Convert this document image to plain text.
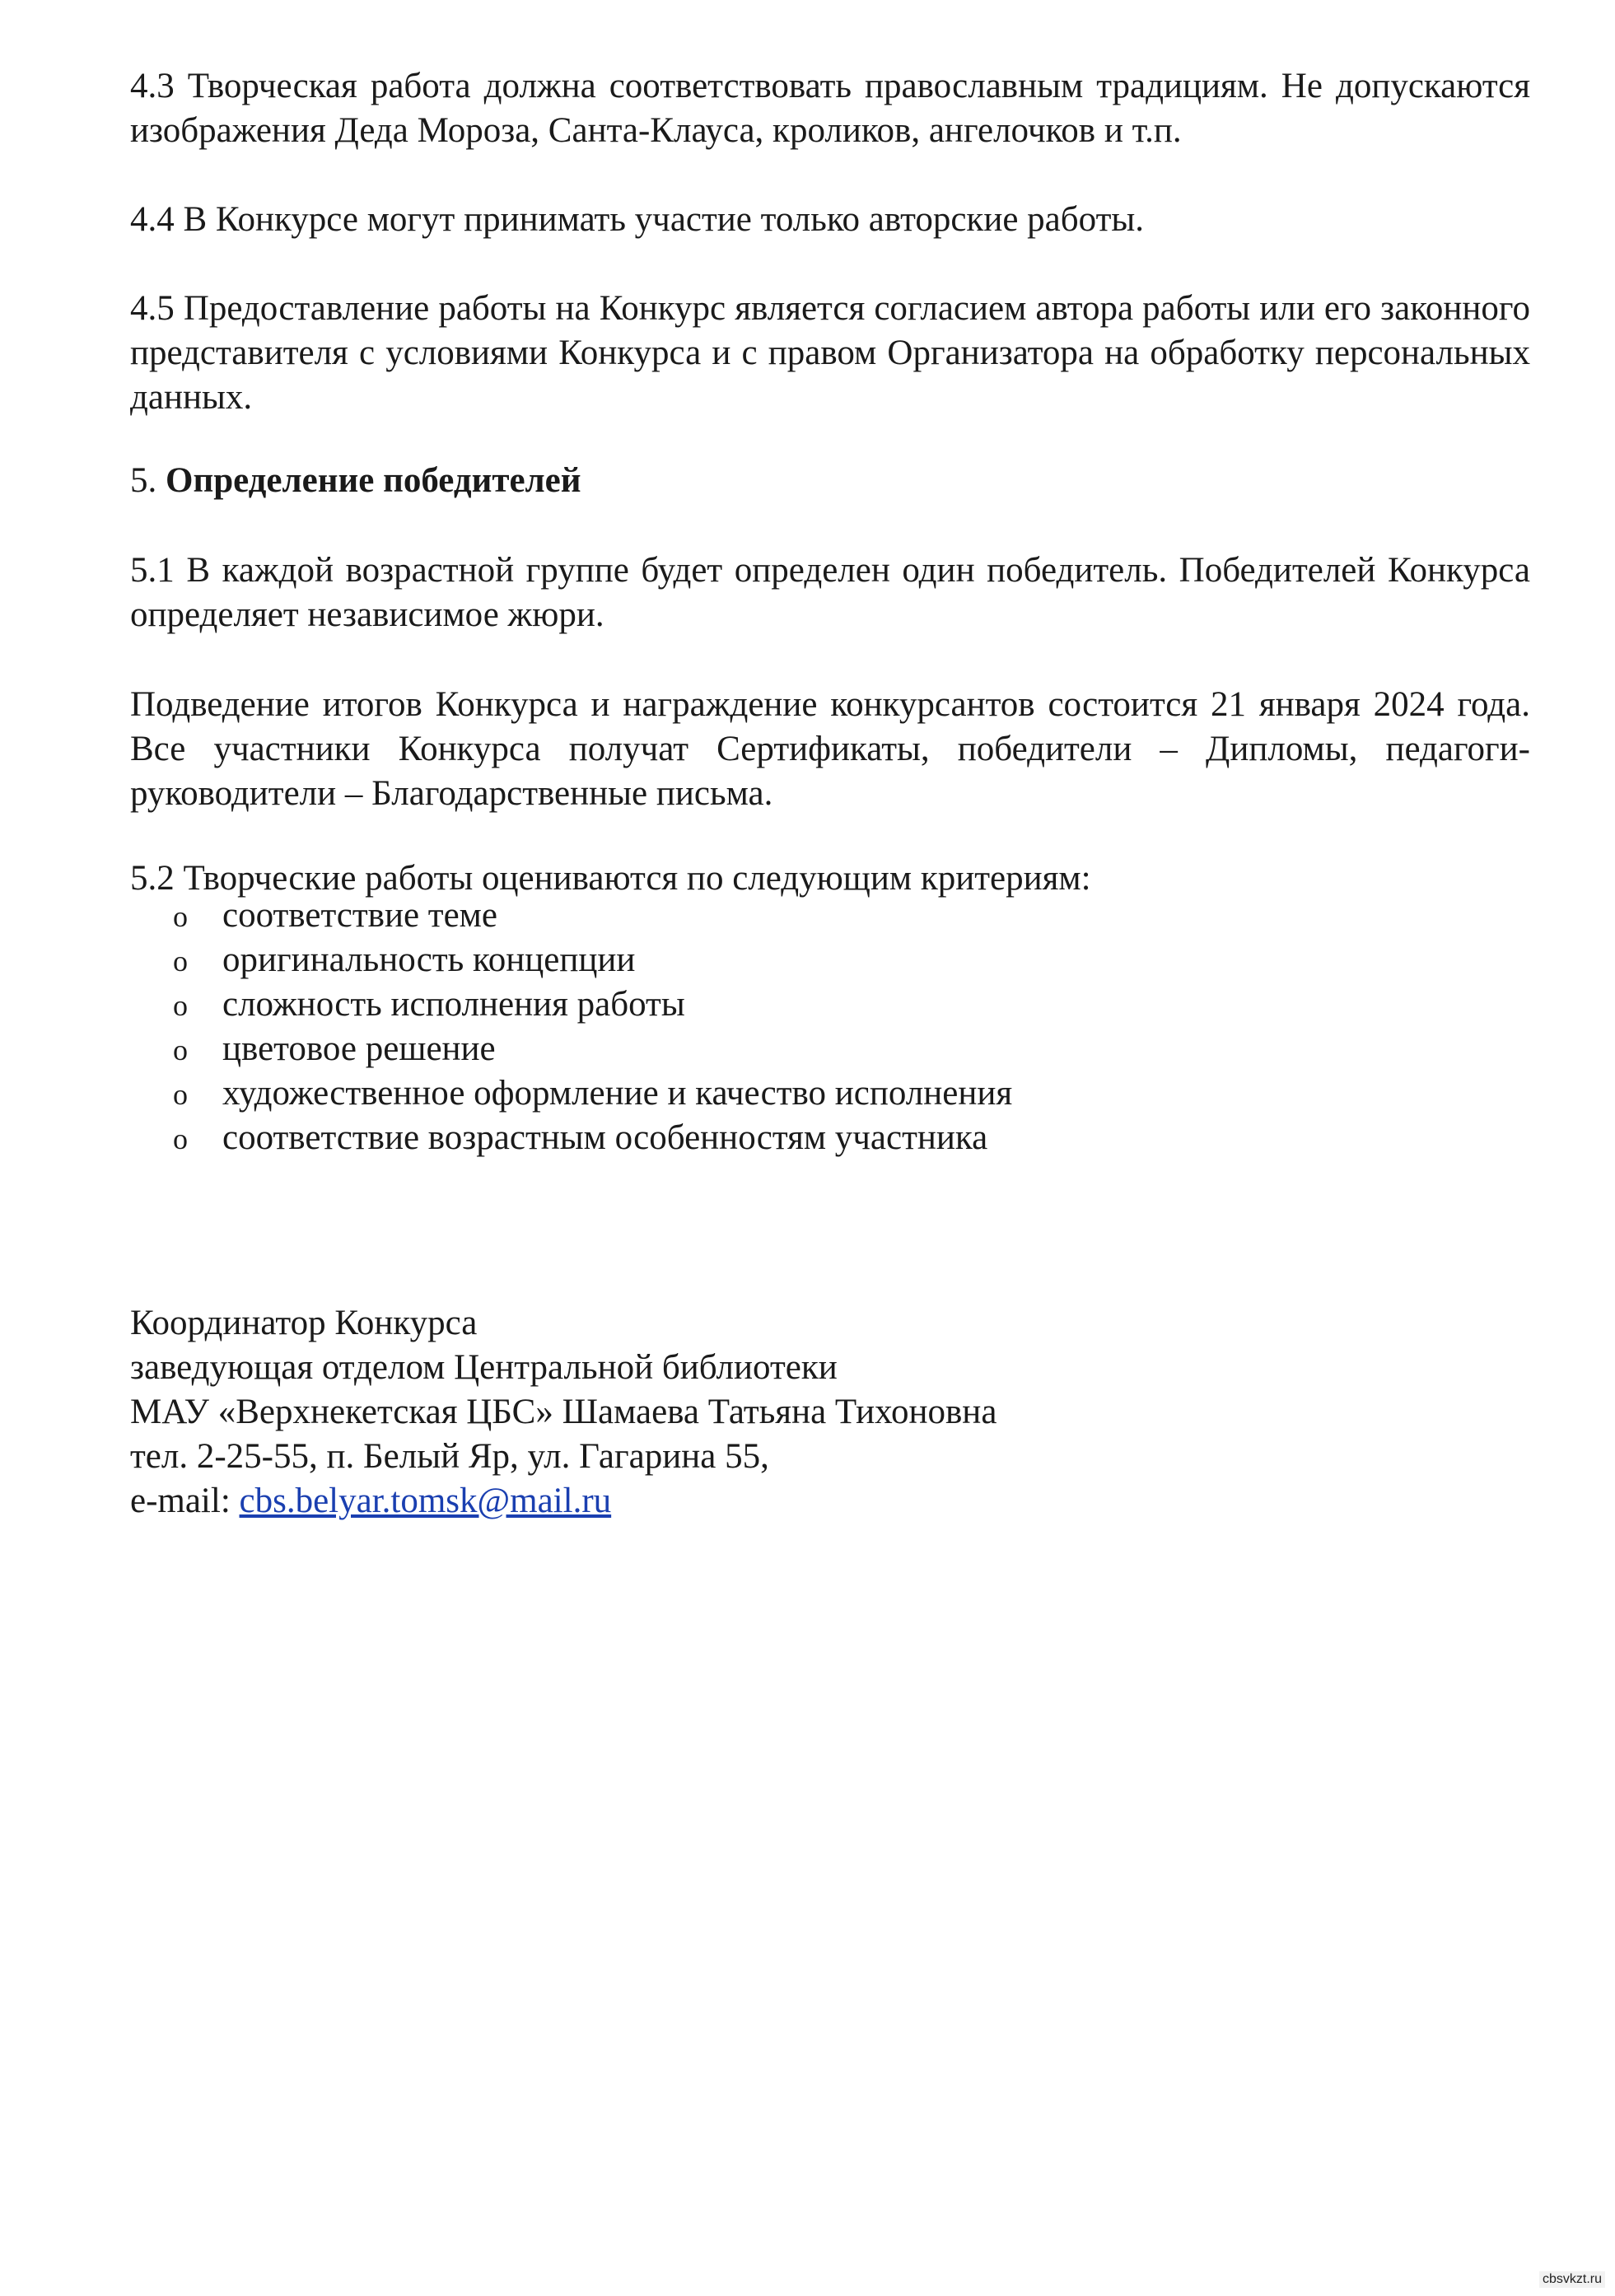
4.3 Творческая работа должна соответствовать православным традициям. Не допускаются изображения Деда Мороза, Санта-Клауса, кроликов, ангелочков и т.п.

4.4 В Конкурсе могут принимать участие только авторские работы.

4.5 Предоставление работы на Конкурс является согласием автора работы или его законного представителя с условиями Конкурса и с правом Организатора на обработку персональных данных.

5. Определение победителей

5.1 В каждой возрастной группе будет определен один победитель. Победителей Конкурса определяет независимое жюри.

Подведение итогов Конкурса и награждение конкурсантов состоится 21 января 2024 года. Все участники Конкурса получат Сертификаты, победители – Дипломы, педагоги-руководители – Благодарственные письма.

5.2 Творческие работы оцениваются по следующим критериям:

o соответствие теме
o оригинальность концепции
o сложность исполнения работы
o цветовое решение
o художественное оформление и качество исполнения
o соответствие возрастным особенностям участника
Координатор Конкурса
заведующая отделом Центральной библиотеки
МАУ «Верхнекетская ЦБС» Шамаева Татьяна Тихоновна
тел. 2-25-55, п. Белый Яр, ул. Гагарина 55,
e-mail: cbs.belyar.tomsk@mail.ru
cbsvkzt.ru
